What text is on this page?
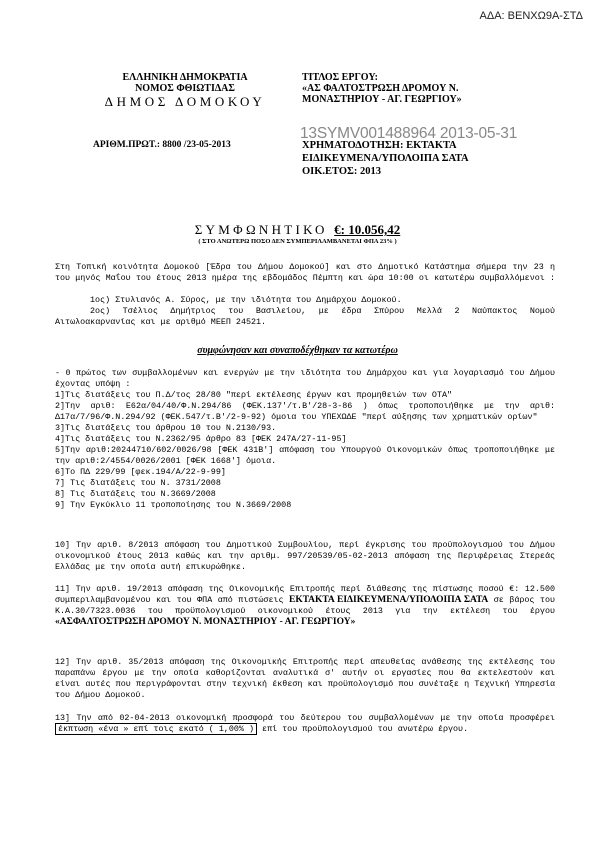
ΑΔΑ: ΒΕΝΧΩ9Α-ΣΤΔ
ΕΛΛΗΝΙΚΗ ΔΗΜΟΚΡΑΤΙΑ
ΝΟΜΟΣ ΦΘΙΩΤΙΔΑΣ
ΔΗΜΟΣ ΔΟΜΟΚΟΥ
ΑΡΙΘΜ.ΠΡΩΤ.: 8800 /23-05-2013
ΤΙΤΛΟΣ ΕΡΓΟΥ:
«ΑΣ ΦΑΛΤΟΣΤΡΩΣΗ ΔΡΟΜΟΥ Ν.
ΜΟΝΑΣΤΗΡΙΟΥ - ΑΓ. ΓΕΩΡΓΙΟΥ»
13SYMV001488964 2013-05-31
ΧΡΗΜΑΤΟΔΟΤΗΣΗ: ΕΚΤΑΚΤΑ
ΕΙΔΙΚΕΥΜΕΝΑ/ΥΠΟΛΟΙΠΑ ΣΑΤΑ
ΟΙΚ.ΕΤΟΣ: 2013
ΣΥΜΦΩΝΗΤΙΚΟ €: 10.056,42
( ΣΤΟ ΑΝΩΤΕΡΩ ΠΟΣΟ ΔΕΝ ΣΥΜΠΕΡΙΛΑΜΒΑΝΕΤΑΙ ΦΠΑ 23% )
Στη Τοπική κοινότητα Δομοκού [Έδρα του Δήμου Δομοκού] και στο Δημοτικό Κατάστημα σήμερα την 23 η του μηνός Μαΐου του έτους 2013 ημέρα της εβδομάδος Πέμπτη και ώρα 10:00 οι κατωτέρω συμβαλλόμενοι :
1ος) Στυλιανός Α. Σύρος, με την ιδιότητα του Δημάρχου Δομοκού.
2ος) Τσέλιος Δημήτριος του Βασιλείου, με έδρα Σπύρου Μελλά 2 Ναύπακτος Νομού Αιτωλοακαρνανίας και με αριθμό ΜΕΕΠ 24521.
συμφώνησαν και συναποδέχθηκαν τα κατωτέρω

- 0 πρώτος των συμβαλλομένων και ενεργών με την ιδιότητα του Δημάρχου και για λογαριασμό του Δήμου έχοντας υπόψη :

1]Τις διατάξεις του Π.Δ/τος 28/80 "περί εκτέλεσης έργων και προμηθειών των ΟΤΑ"

2]Την αριθ: Ε62α/04/40/Φ.Ν.294/86 (ΦΕΚ.137'/τ.Β'/28-3-86 ) όπως τροποποιήθηκε με την αριθ: Δ17α/7/96/Φ.Ν.294/92 (ΦΕΚ.547/τ.Β'/2-9-92) όμοια του ΥΠΕΧΩΔΕ "περί αύξησης των χρηματικών ορίων"

3]Τις διατάξεις του άρθρου 10 του Ν.2130/93.

4]Τις διατάξεις του Ν.2362/95 άρθρο 83 [ΦΕΚ 247Α/27-11-95]

5]Την αριθ:20244710/602/0026/98 [ΦΕΚ 431Β'] απόφαση του Υπουργού Οικονομικών όπως τροποποιήθηκε με την αριθ:2/4554/0026/2001 [ΦΕΚ 1668'] όμοια.

6]Το ΠΔ 229/99 [φεκ.194/Α/22-9-99]

7] Τις διατάξεις του Ν. 3731/2008

8] Τις διατάξεις του Ν.3669/2008

9] Την Εγκύκλιο 11 τροποποίησης του Ν.3669/2008

10] Την αριθ. 8/2013 απόφαση του Δημοτικού Συμβουλίου, περί έγκρισης του προϋπολογισμού του Δήμου οικονομικού έτους 2013 καθώς και την αριθμ. 997/20539/05-02-2013 απόφαση της Περιφέρειας Στερεάς Ελλάδας με την οποία αυτή επικυρώθηκε.
11] Την αριθ. 19/2013 απόφαση της Οικονομικής Επιτροπής περί διάθεσης της πίστωσης ποσού €: 12.500 συμπεριλαμβανομένου και του ΦΠΑ από πιστώσεις ΕΚΤΑΚΤΑ ΕΙΔΙΚΕΥΜΕΝΑ/ΥΠΟΛΟΙΠΑ ΣΑΤΑ σε βάρος του Κ.Α.30/7323.0036 του προϋπολογισμού οικονομικού έτους 2013 για την εκτέλεση του έργου «ΑΣΦΑΛΤΟΣΤΡΩΣΗ ΔΡΟΜΟΥ Ν. ΜΟΝΑΣΤΗΡΙΟΥ - ΑΓ. ΓΕΩΡΓΙΟΥ»
12] Την αριθ. 35/2013 απόφαση της Οικονομικής Επιτροπής περί απευθείας ανάθεσης της εκτέλεσης του παραπάνω έργου με την οποία καθορίζονται αναλυτικά σ' αυτήν οι εργασίες που θα εκτελεστούν και είναι αυτές που περιγράφονται στην τεχνική έκθεση και προϋπολογισμό που συνέταξε η Τεχνική Υπηρεσία του Δήμου Δομοκού.
13] Την από 02-04-2013 οικονομική προσφορά του δεύτερου του συμβαλλομένων με την οποία προσφέρει έκπτωση «ένα » επί τοις εκατό ( 1,00% ) επί του προϋπολογισμού του ανωτέρω έργου.
